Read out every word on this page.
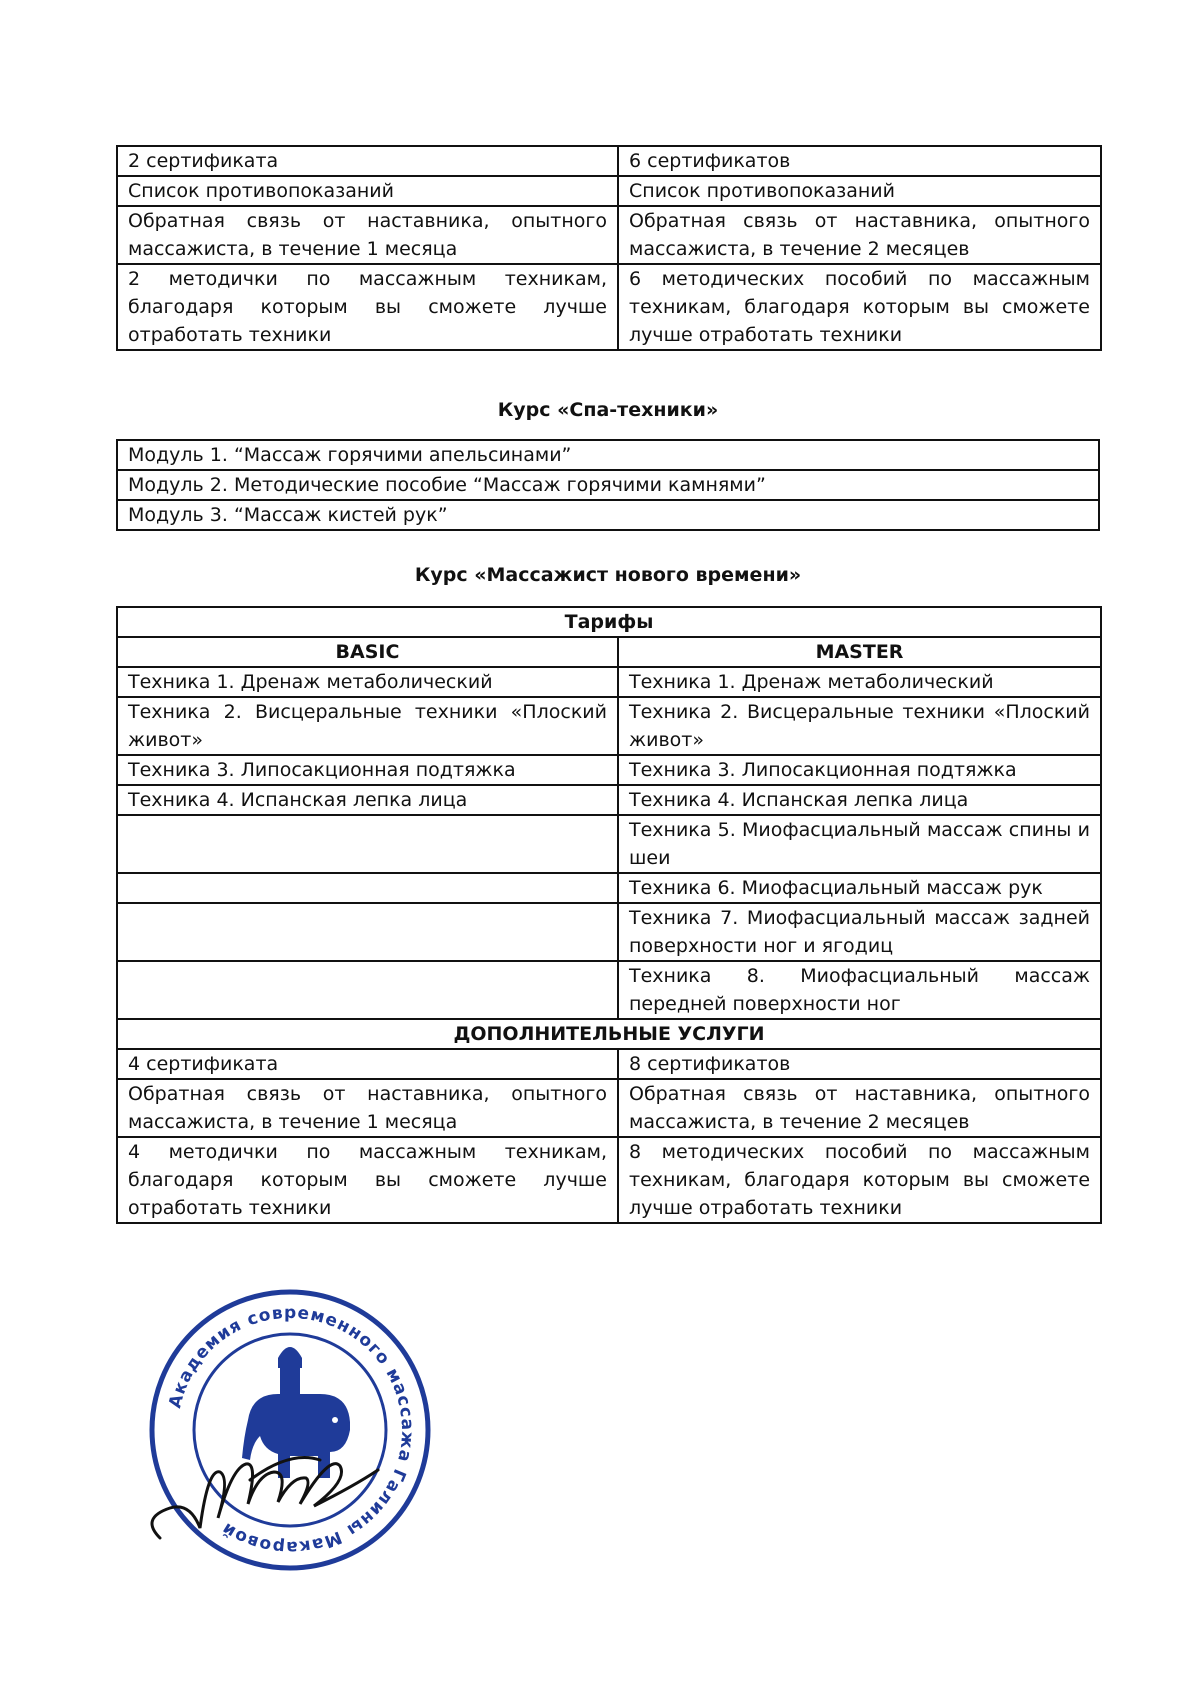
2 сертификата	6 сертификатов
Список противопоказаний	Список противопоказаний
Обратная связь от наставника, опытного массажиста, в течение 1 месяца	Обратная связь от наставника, опытного массажиста, в течение 2 месяцев
2 методички по массажным техникам, благодаря которым вы сможете лучше отработать техники	6 методических пособий по массажным техникам, благодаря которым вы сможете лучше отработать техники
Курс «Спа-техники»
Модуль 1. “Массаж горячими апельсинами”
Модуль 2. Методические пособие “Массаж горячими камнями”
Модуль 3. “Массаж кистей рук”
Курс «Массажист нового времени»
Тарифы	
BASIC	MASTER
Техника 1. Дренаж метаболический	Техника 1. Дренаж метаболический
Техника 2. Висцеральные техники «Плоский живот»	Техника 2. Висцеральные техники «Плоский живот»
Техника 3. Липосакционная подтяжка	Техника 3. Липосакционная подтяжка
Техника 4. Испанская лепка лица	Техника 4. Испанская лепка лица
	Техника 5. Миофасциальный массаж спины и шеи
	Техника 6. Миофасциальный массаж рук
	Техника 7. Миофасциальный массаж задней поверхности ног и ягодиц
	Техника 8. Миофасциальный массаж передней поверхности ног
ДОПОЛНИТЕЛЬНЫЕ УСЛУГИ	
4 сертификата	8 сертификатов
Обратная связь от наставника, опытного массажиста, в течение 1 месяца	Обратная связь от наставника, опытного массажиста, в течение 2 месяцев
4 методички по массажным техникам, благодаря которым вы сможете лучше отработать техники	8 методических пособий по массажным техникам, благодаря которым вы сможете лучше отработать техники
Академия современного массажа Галины Макаровой
